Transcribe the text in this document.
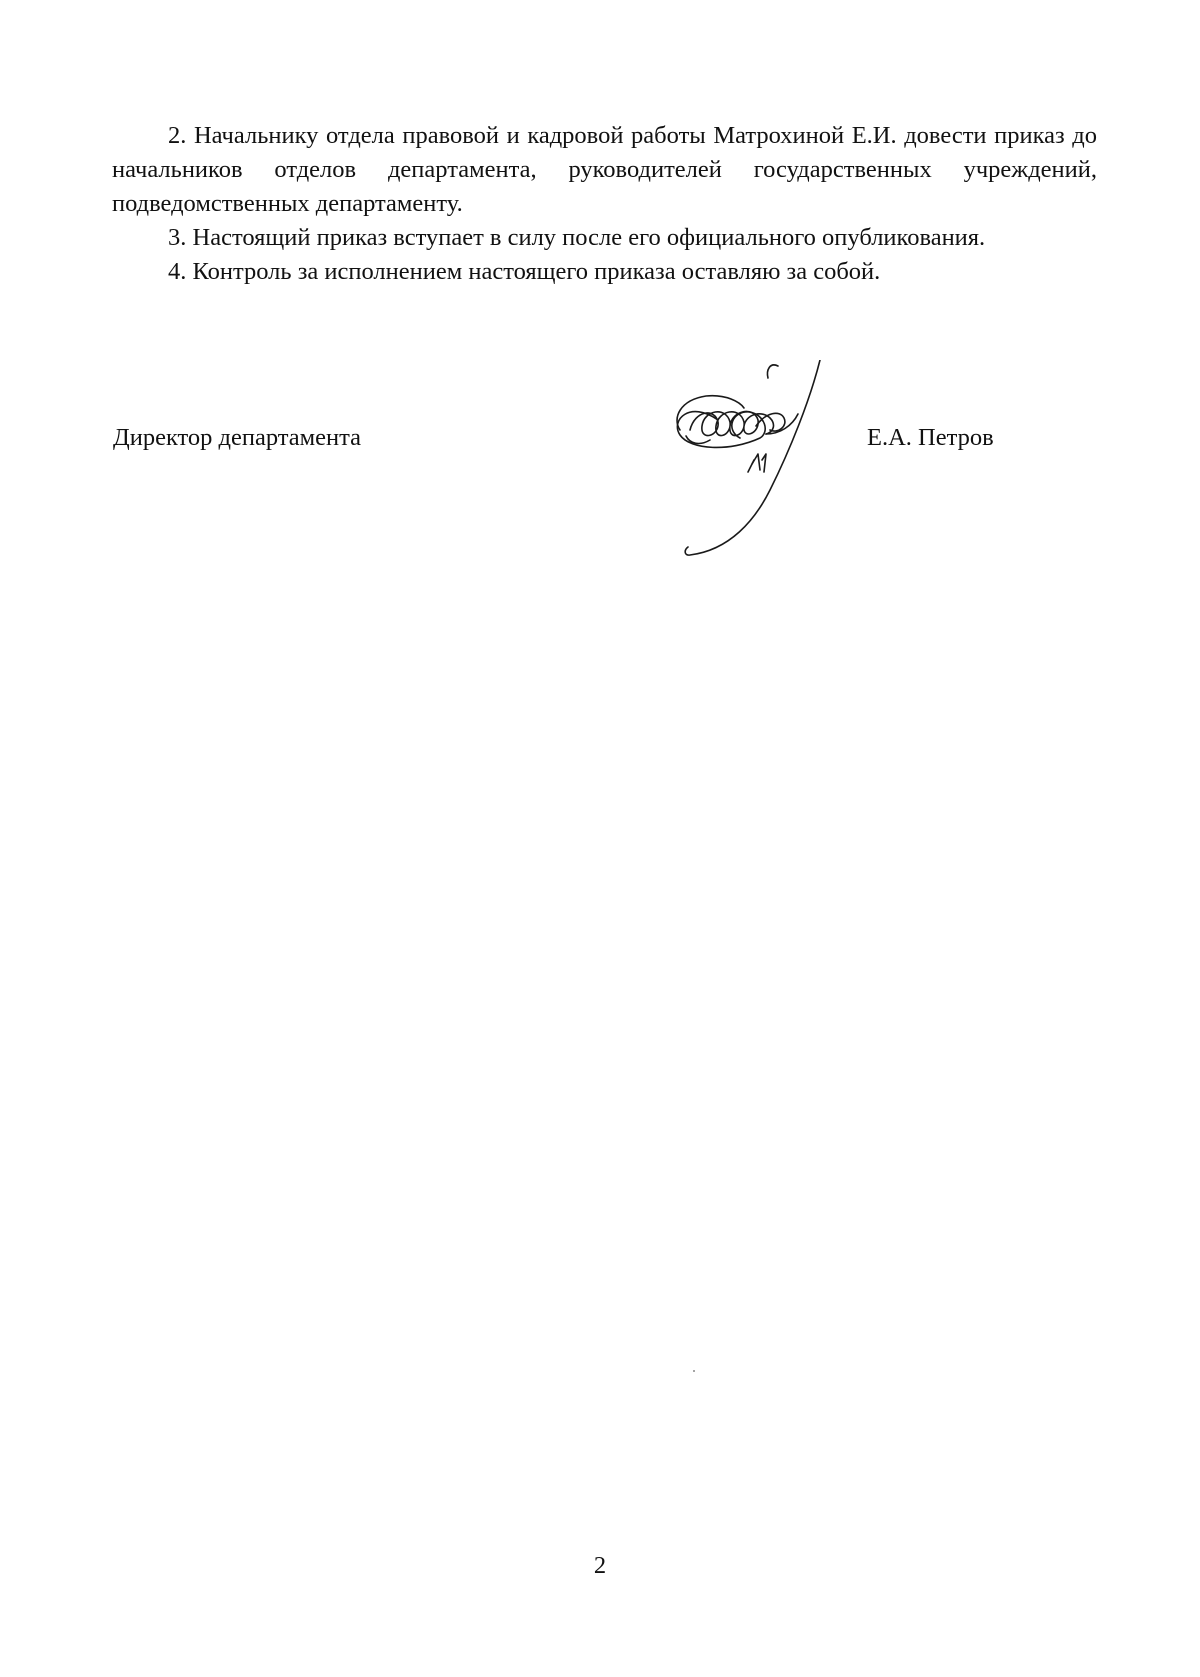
2. Начальнику отдела правовой и кадровой работы Матрохиной Е.И. довести приказ до начальников отделов департамента, руководителей государственных учреждений, подведомственных департаменту.

3. Настоящий приказ вступает в силу после его официального опубликования.

4. Контроль за исполнением настоящего приказа оставляю за собой.

Директор департамента	Е.А. Петров
2
